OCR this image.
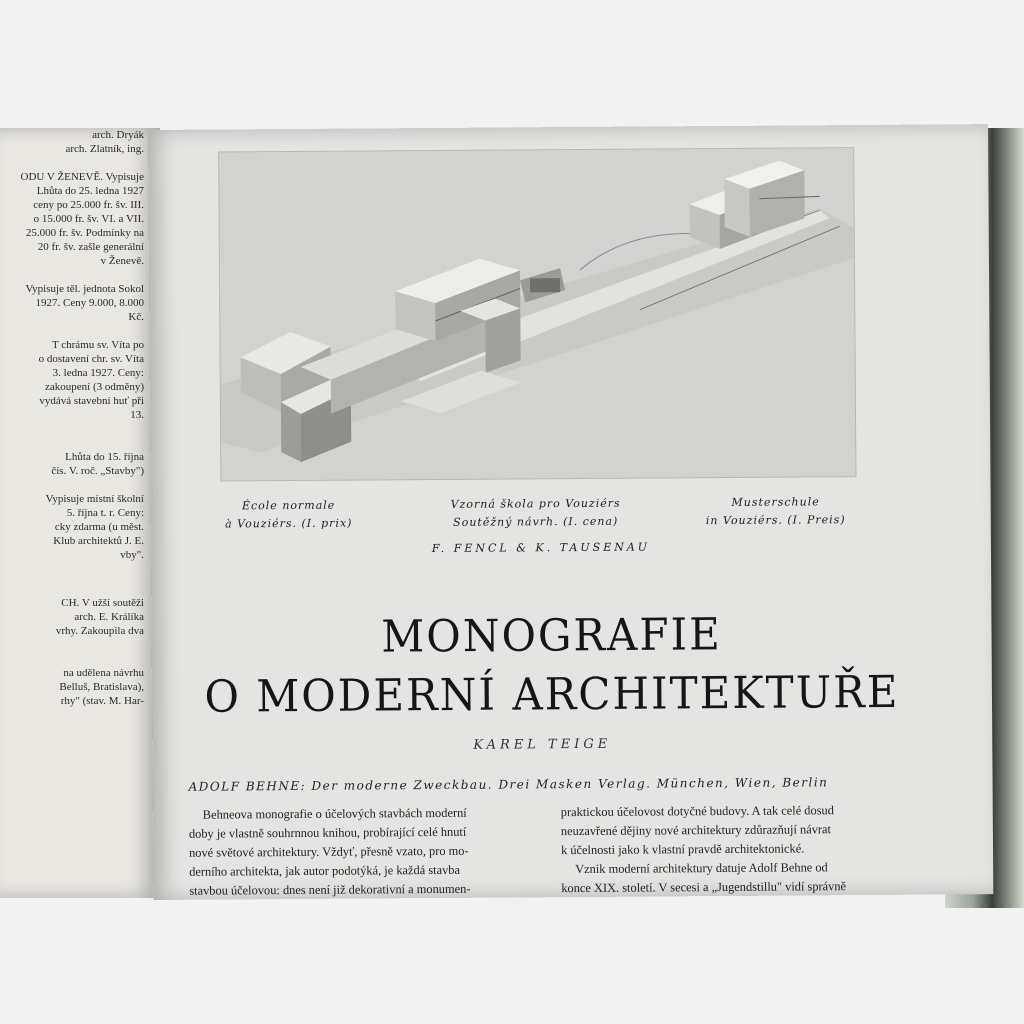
arch. Dryák
arch. Zlatník, ing.
ODU V ŽENEVĚ. Vypisuje
Lhůta do 25. ledna 1927
ceny po 25.000 fr. šv. III.
o 15.000 fr. šv. VI. a VII.
25.000 fr. šv. Podmínky na
20 fr. šv. zašle generální
v Ženevě.
Vypisuje těl. jednota Sokol
1927. Ceny 9.000, 8.000
Kč.
T chrámu sv. Víta po
o dostavení chr. sv. Víta
3. ledna 1927. Ceny:
zakoupení (3 odměny)
vydává stavební huť při
13.
Lhůta do 15. října
čís. V. roč. „Stavby")
Vypisuje místní školní
5. října t. r. Ceny:
cky zdarma (u měst.
Klub architektů J. E.
vby".
CH. V užší soutěži
arch. E. Králíka
vrhy. Zakoupila dva
na udělena návrhu
Belluš, Bratislava),
rhy" (stav. M. Har-
École normale
à Vouziérs. (I. prix)
Vzorná škola pro Vouziérs
Soutěžný návrh. (I. cena)
Musterschule
in Vouziérs. (I. Preis)
F. FENCL & K. TAUSENAU
MONOGRAFIE
O MODERNÍ ARCHITEKTUŘE
KAREL TEIGE
ADOLF BEHNE: Der moderne Zweckbau. Drei Masken Verlag. München, Wien, Berlin
Behneova monografie o účelových stavbách moderní
doby je vlastně souhrnnou knihou, probírající celé hnutí
nové světové architektury. Vždyť, přesně vzato, pro mo-
derního architekta, jak autor podotýká, je každá stavba
stavbou účelovou: dnes není již dekorativní a monumen-
praktickou účelovost dotyčné budovy. A tak celé dosud
neuzavřené dějiny nové architektury zdůrazňují návrat
k účelnosti jako k vlastní pravdě architektonické.
Vznik moderní architektury datuje Adolf Behne od
konce XIX. století. V secesi a „Jugendstillu" vidí správně
